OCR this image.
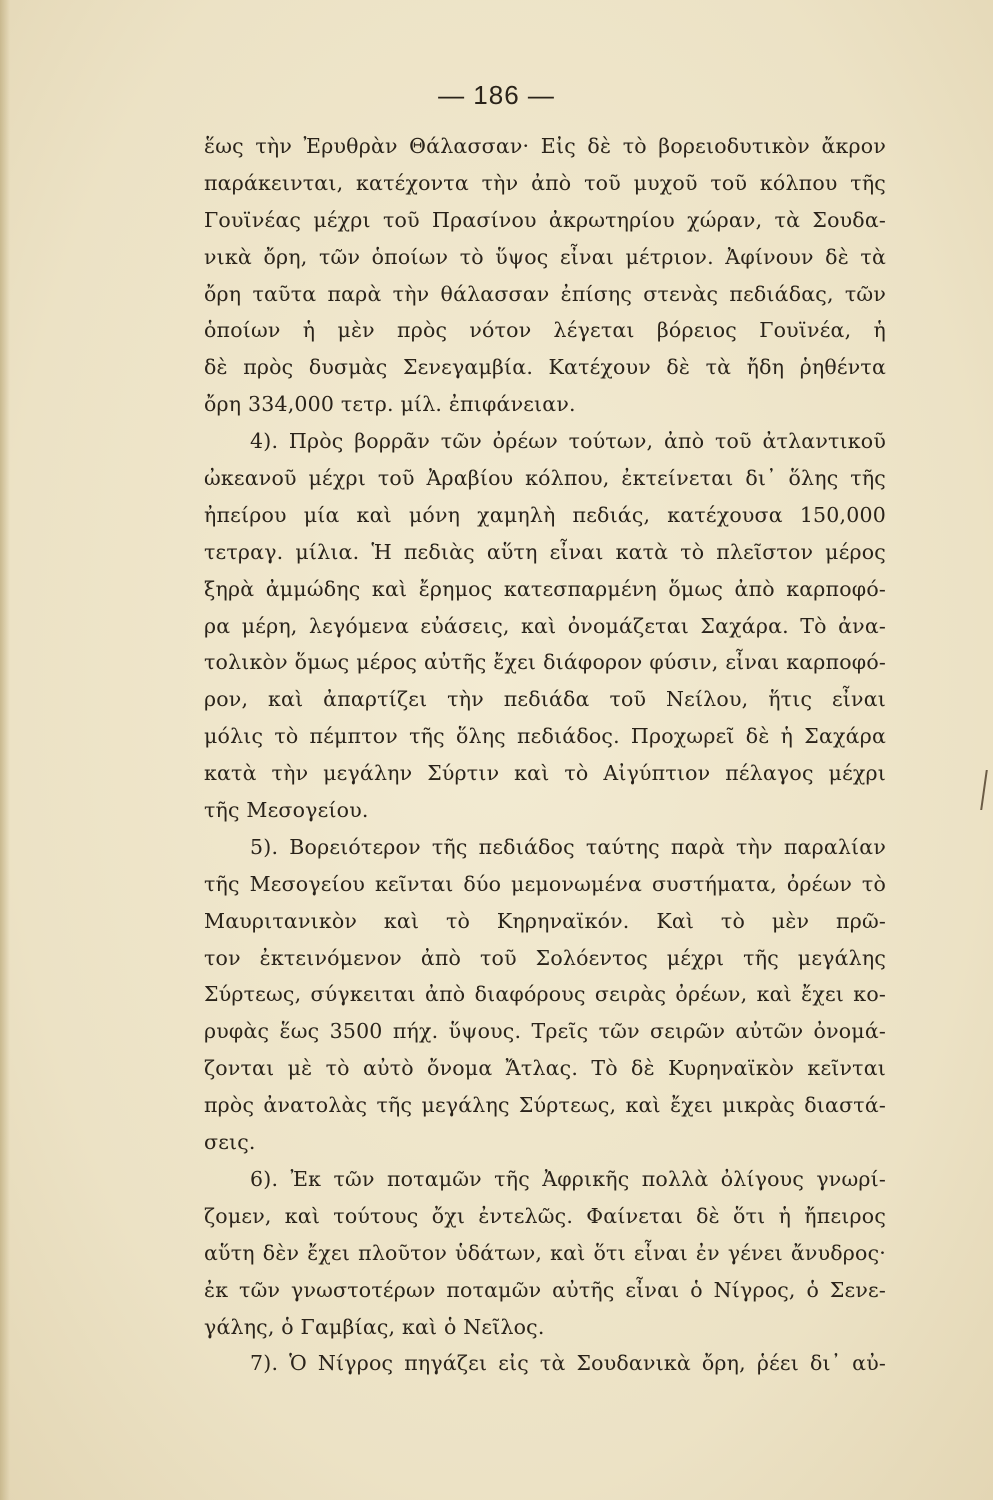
— 186 —
ἕως τὴν Ἐρυθρὰν Θάλασσαν· Εἰς δὲ τὸ βορειοδυτικὸν ἄκρον
παράκεινται, κατέχοντα τὴν ἀπὸ τοῦ μυχοῦ τοῦ κόλπου τῆς
Γουϊνέας μέχρι τοῦ Πρασίνου ἀκρωτηρίου χώραν, τὰ Σουδα-
νικὰ ὄρη, τῶν ὁποίων τὸ ὕψος εἶναι μέτριον. Ἀφίνουν δὲ τὰ
ὄρη ταῦτα παρὰ τὴν θάλασσαν ἐπίσης στενὰς πεδιάδας, τῶν
ὁποίων ἡ μὲν πρὸς νότον λέγεται βόρειος Γουϊνέα, ἡ
δὲ πρὸς δυσμὰς Σενεγαμβία. Κατέχουν δὲ τὰ ἤδη ῥηθέντα
ὄρη 334,000 τετρ. μίλ. ἐπιφάνειαν.
4). Πρὸς βορρᾶν τῶν ὀρέων τούτων, ἀπὸ τοῦ ἀτλαντικοῦ
ὠκεανοῦ μέχρι τοῦ Ἀραβίου κόλπου, ἐκτείνεται δι᾽ ὅλης τῆς
ἠπείρου μία καὶ μόνη χαμηλὴ πεδιάς, κατέχουσα 150,000
τετραγ. μίλια. Ἡ πεδιὰς αὕτη εἶναι κατὰ τὸ πλεῖστον μέρος
ξηρὰ ἀμμώδης καὶ ἔρημος κατεσπαρμένη ὅμως ἀπὸ καρποφό-
ρα μέρη, λεγόμενα εὐάσεις, καὶ ὀνομάζεται Σαχάρα. Τὸ ἀνα-
τολικὸν ὅμως μέρος αὐτῆς ἔχει διάφορον φύσιν, εἶναι καρποφό-
ρον, καὶ ἀπαρτίζει τὴν πεδιάδα τοῦ Νείλου, ἥτις εἶναι
μόλις τὸ πέμπτον τῆς ὅλης πεδιάδος. Προχωρεῖ δὲ ἡ Σαχάρα
κατὰ τὴν μεγάλην Σύρτιν καὶ τὸ Αἰγύπτιον πέλαγος μέχρι
τῆς Μεσογείου.
5). Βορειότερον τῆς πεδιάδος ταύτης παρὰ τὴν παραλίαν
τῆς Μεσογείου κεῖνται δύο μεμονωμένα συστήματα, ὀρέων τὸ
Μαυριτανικὸν καὶ τὸ Κηρηναϊκόν. Καὶ τὸ μὲν πρῶ-
τον ἐκτεινόμενον ἀπὸ τοῦ Σολόεντος μέχρι τῆς μεγάλης
Σύρτεως, σύγκειται ἀπὸ διαφόρους σειρὰς ὀρέων, καὶ ἔχει κο-
ρυφὰς ἕως 3500 πήχ. ὕψους. Τρεῖς τῶν σειρῶν αὐτῶν ὀνομά-
ζονται μὲ τὸ αὐτὸ ὄνομα Ἄτλας. Τὸ δὲ Κυρηναϊκὸν κεῖνται
πρὸς ἀνατολὰς τῆς μεγάλης Σύρτεως, καὶ ἔχει μικρὰς διαστά-
σεις.
6). Ἐκ τῶν ποταμῶν τῆς Ἀφρικῆς πολλὰ ὀλίγους γνωρί-
ζομεν, καὶ τούτους ὄχι ἐντελῶς. Φαίνεται δὲ ὅτι ἡ ἤπειρος
αὕτη δὲν ἔχει πλοῦτον ὑδάτων, καὶ ὅτι εἶναι ἐν γένει ἄνυδρος·
ἐκ τῶν γνωστοτέρων ποταμῶν αὐτῆς εἶναι ὁ Νίγρος, ὁ Σενε-
γάλης, ὁ Γαμβίας, καὶ ὁ Νεῖλος.
7). Ὁ Νίγρος πηγάζει εἰς τὰ Σουδανικὰ ὄρη, ῥέει δι᾽ αὐ-
